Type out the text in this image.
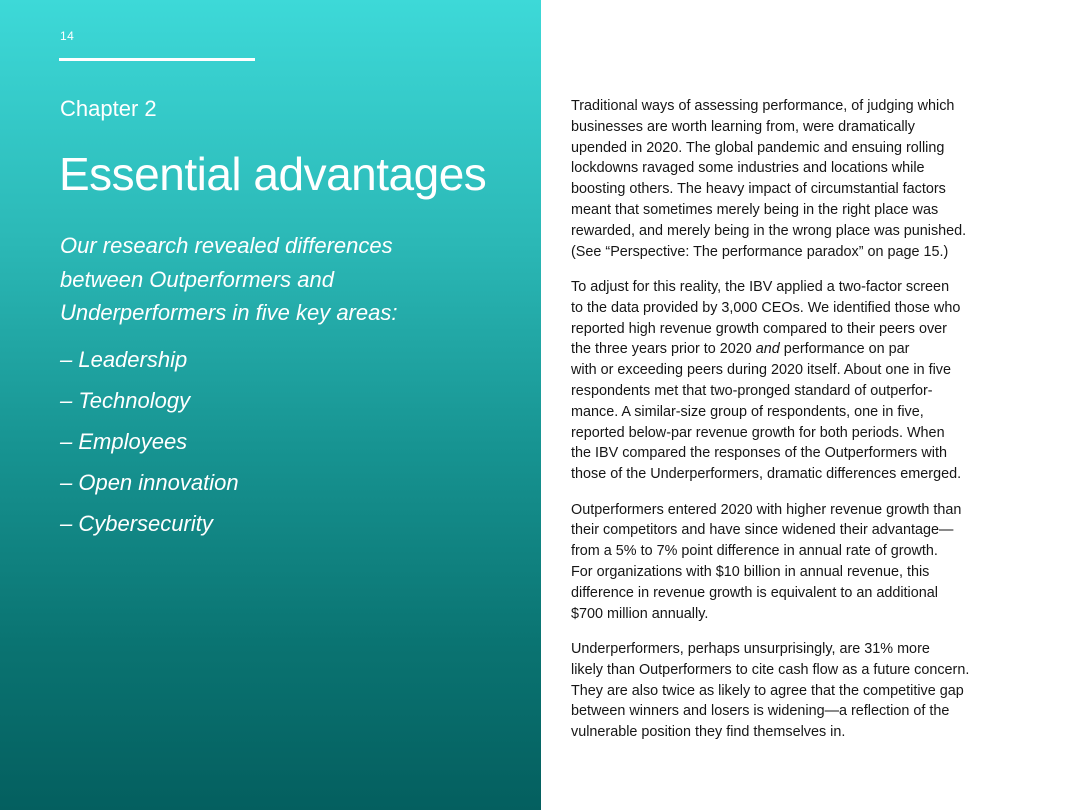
14
Chapter 2
Essential advantages
Our research revealed differences
between Outperformers and
Underperformers in five key areas:
– Leadership
– Technology
– Employees
– Open innovation
– Cybersecurity

Traditional ways of assessing performance, of judging which
businesses are worth learning from, were dramatically
upended in 2020. The global pandemic and ensuing rolling
lockdowns ravaged some industries and locations while
boosting others. The heavy impact of circumstantial factors
meant that sometimes merely being in the right place was
rewarded, and merely being in the wrong place was punished.
(See “Perspective: The performance paradox” on page 15.)

To adjust for this reality, the IBV applied a two-factor screen
to the data provided by 3,000 CEOs. We identified those who
reported high revenue growth compared to their peers over
the three years prior to 2020 and performance on par
with or exceeding peers during 2020 itself. About one in five
respondents met that two-pronged standard of outperfor-
mance. A similar-size group of respondents, one in five,
reported below-par revenue growth for both periods. When
the IBV compared the responses of the Outperformers with
those of the Underperformers, dramatic differences emerged.

Outperformers entered 2020 with higher revenue growth than
their competitors and have since widened their advantage—
from a 5% to 7% point difference in annual rate of growth.
For organizations with $10 billion in annual revenue, this
difference in revenue growth is equivalent to an additional
$700 million annually.

Underperformers, perhaps unsurprisingly, are 31% more
likely than Outperformers to cite cash flow as a future concern.
They are also twice as likely to agree that the competitive gap
between winners and losers is widening—a reflection of the
vulnerable position they find themselves in.
